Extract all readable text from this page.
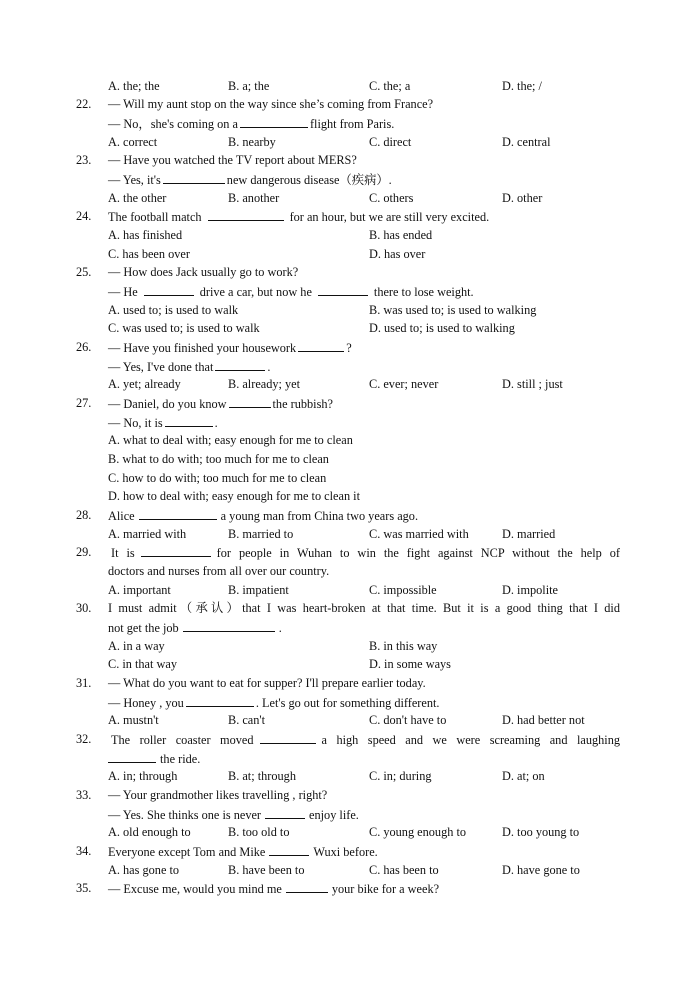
A. the; the	B. a; the	C. the; a	D. the; /
22. — Will my aunt stop on the way since she’s coming from France?
— No，she's coming on a	flight from Paris.
A. correct	B. nearby	C. direct	D. central
23. — Have you watched the TV report about MERS?
— Yes, it's	new dangerous disease（疾病）.
A. the other	B. another	C. others	D. other
24. The football match	for an hour, but we are still very excited.
A. has finished	B. has ended
C. has been over	D. has over
25. — How does Jack usually go to work?
— He	drive a car, but now he	there to lose weight.
A. used to; is used to walk	B. was used to; is used to walking
C. was used to; is used to walk	D. used to; is used to walking
26. — Have you finished your housework	?
— Yes, I've done that	.
A. yet; already	B. already; yet	C. ever; never	D. still ; just
27. — Daniel, do you know	the rubbish?
— No, it is	.
A. what to deal with; easy enough for me to clean
B. what to do with; too much for me to clean
C. how to do with; too much for me to clean
D. how to deal with; easy enough for me to clean it
28. Alice	a young man from China two years ago.
A. married with	B. married to	C. was married with	D. married
29. It is	for people in Wuhan to win the fight against NCP without the help of
doctors and nurses from all over our country.
A. important	B. impatient	C. impossible	D. impolite
30. I must admit（承认）that I was heart-broken at that time. But it is a good thing that I did
not get the job	.
A. in a way	B. in this way
C. in that way	D. in some ways
31. — What do you want to eat for supper? I'll prepare earlier today.
— Honey , you	. Let's go out for something different.
A. mustn't	B. can't	C. don't have to	D. had better not
32. The roller coaster moved	a high speed and we were screaming and laughing
the ride.
A. in; through	B. at; through	C. in; during	D. at; on
33. — Your grandmother likes travelling , right?
— Yes. She thinks one is never	enjoy life.
A. old enough to	B. too old to	C. young enough to	D. too young to
34. Everyone except Tom and Mike	Wuxi before.
A. has gone to	B. have been to	C. has been to	D. have gone to
35. — Excuse me, would you mind me	your bike for a week?
